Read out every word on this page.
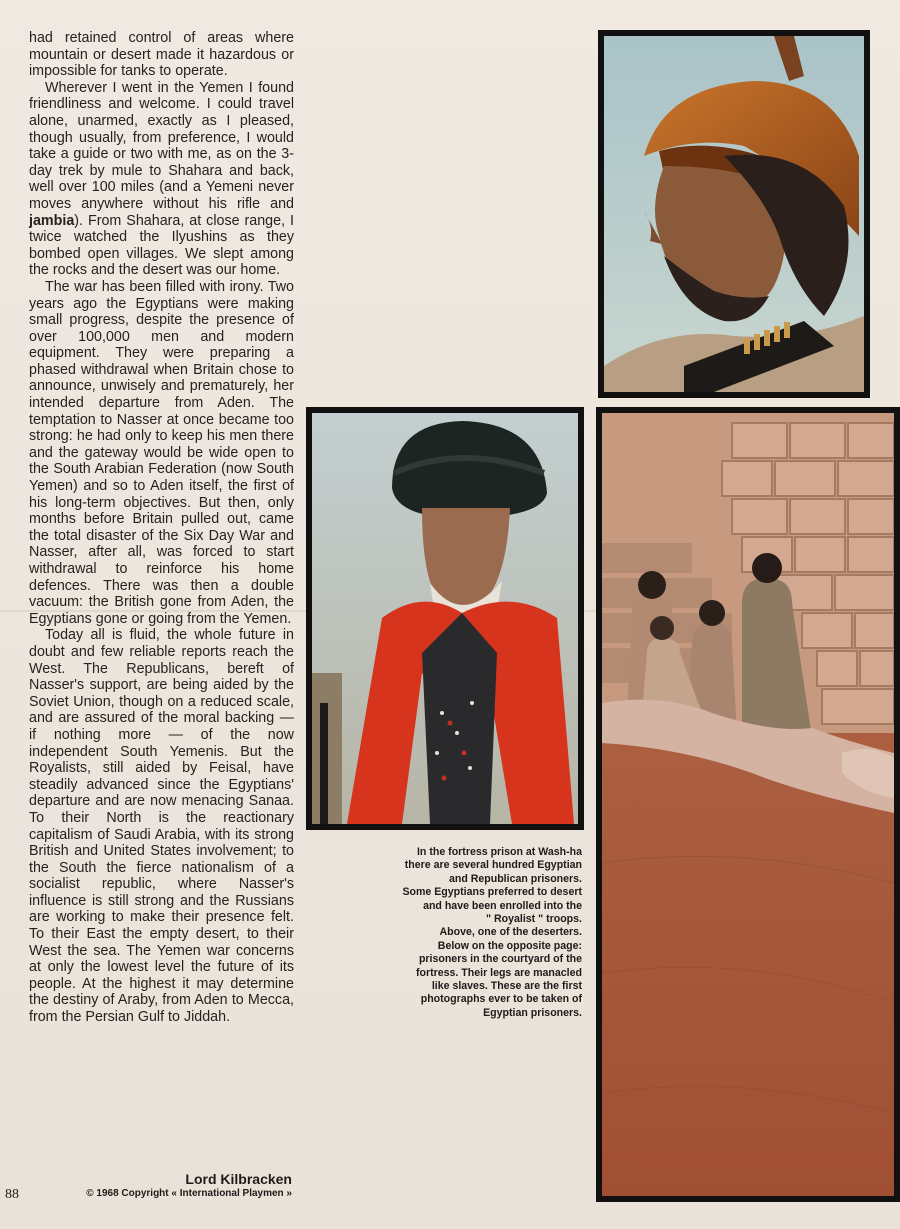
had retained control of areas where mountain or desert made it hazardous or impossible for tanks to operate.

Wherever I went in the Yemen I found friendliness and welcome. I could travel alone, unarmed, exactly as I pleased, though usually, from preference, I would take a guide or two with me, as on the 3-day trek by mule to Shahara and back, well over 100 miles (and a Yemeni never moves anywhere without his rifle and jambia). From Shahara, at close range, I twice watched the Ilyushins as they bombed open villages. We slept among the rocks and the desert was our home.

The war has been filled with irony. Two years ago the Egyptians were making small progress, despite the presence of over 100,000 men and modern equipment. They were preparing a phased withdrawal when Britain chose to announce, unwisely and prematurely, her intended departure from Aden. The temptation to Nasser at once became too strong: he had only to keep his men there and the gateway would be wide open to the South Arabian Federation (now South Yemen) and so to Aden itself, the first of his long-term objectives. But then, only months before Britain pulled out, came the total disaster of the Six Day War and Nasser, after all, was forced to start withdrawal to reinforce his home defences. There was then a double vacuum: the British gone from Aden, the Egyptians gone or going from the Yemen.

Today all is fluid, the whole future in doubt and few reliable reports reach the West. The Republicans, bereft of Nasser's support, are being aided by the Soviet Union, though on a reduced scale, and are assured of the moral backing — if nothing more — of the now independent South Yemenis. But the Royalists, still aided by Feisal, have steadily advanced since the Egyptians' departure and are now menacing Sanaa. To their North is the reactionary capitalism of Saudi Arabia, with its strong British and United States involvement; to the South the fierce nationalism of a socialist republic, where Nasser's influence is still strong and the Russians are working to make their presence felt. To their East the empty desert, to their West the sea. The Yemen war concerns at only the lowest level the future of its people. At the highest it may determine the destiny of Araby, from Aden to Mecca, from the Persian Gulf to Jiddah.

Lord Kilbracken
© 1968 Copyright « International Playmen »
88
In the fortress prison at Wash-ha
there are several hundred Egyptian
and Republican prisoners.
Some Egyptians preferred to desert
and have been enrolled into the
" Royalist " troops.
Above, one of the deserters.
Below on the opposite page:
prisoners in the courtyard of the
fortress. Their legs are manacled
like slaves. These are the first
photographs ever to be taken of
Egyptian prisoners.
